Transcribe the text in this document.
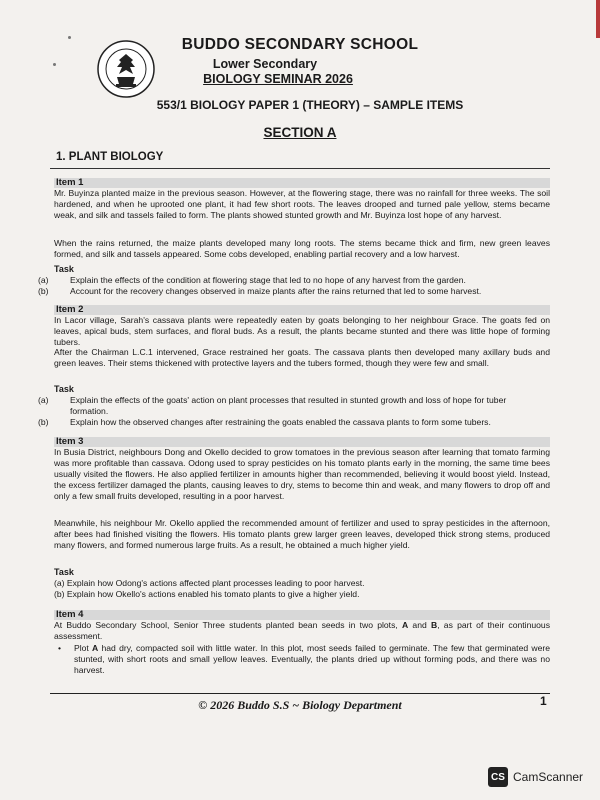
BUDDO SECONDARY SCHOOL
Lower Secondary
BIOLOGY SEMINAR 2026
553/1 BIOLOGY PAPER 1 (THEORY) – SAMPLE ITEMS
SECTION A
1. PLANT BIOLOGY
Item 1
Mr. Buyinza planted maize in the previous season. However, at the flowering stage, there was no rainfall for three weeks. The soil hardened, and when he uprooted one plant, it had few short roots. The leaves drooped and turned pale yellow, stems became weak, and silk and tassels failed to form. The plants showed stunted growth and Mr. Buyinza lost hope of any harvest.
When the rains returned, the maize plants developed many long roots. The stems became thick and firm, new green leaves formed, and silk and tassels appeared. Some cobs developed, enabling partial recovery and a low harvest.
Task
(a) Explain the effects of the condition at flowering stage that led to no hope of any harvest from the garden.
(b) Account for the recovery changes observed in maize plants after the rains returned that led to some harvest.
Item 2
In Lacor village, Sarah's cassava plants were repeatedly eaten by goats belonging to her neighbour Grace. The goats fed on leaves, apical buds, stem surfaces, and floral buds. As a result, the plants became stunted and there was little hope of forming tubers.
After the Chairman L.C.1 intervened, Grace restrained her goats. The cassava plants then developed many axillary buds and green leaves. Their stems thickened with protective layers and the tubers formed, though they were few and small.
Task
(a) Explain the effects of the goats' action on plant processes that resulted in stunted growth and loss of hope for tuber formation.
(b) Explain how the observed changes after restraining the goats enabled the cassava plants to form some tubers.
Item 3
In Busia District, neighbours Dong and Okello decided to grow tomatoes in the previous season after learning that tomato farming was more profitable than cassava. Odong used to spray pesticides on his tomato plants early in the morning, the same time bees usually visited the flowers. He also applied fertilizer in amounts higher than recommended, believing it would boost yield. Instead, the excess fertilizer damaged the plants, causing leaves to dry, stems to become thin and weak, and many flowers to drop off and only a few small fruits developed, resulting in a poor harvest.
Meanwhile, his neighbour Mr. Okello applied the recommended amount of fertilizer and used to spray pesticides in the afternoon, after bees had finished visiting the flowers. His tomato plants grew larger green leaves, developed thick strong stems, produced many flowers, and formed numerous large fruits. As a result, he obtained a much higher yield.
Task
(a) Explain how Odong's actions affected plant processes leading to poor harvest.
(b) Explain how Okello's actions enabled his tomato plants to give a higher yield.
Item 4
At Buddo Secondary School, Senior Three students planted bean seeds in two plots, A and B, as part of their continuous assessment.
• Plot A had dry, compacted soil with little water. In this plot, most seeds failed to germinate. The few that germinated were stunted, with short roots and small yellow leaves. Eventually, the plants dried up without forming pods, and there was no harvest.
© 2026 Buddo S.S ~ Biology Department	1
CS CamScanner
